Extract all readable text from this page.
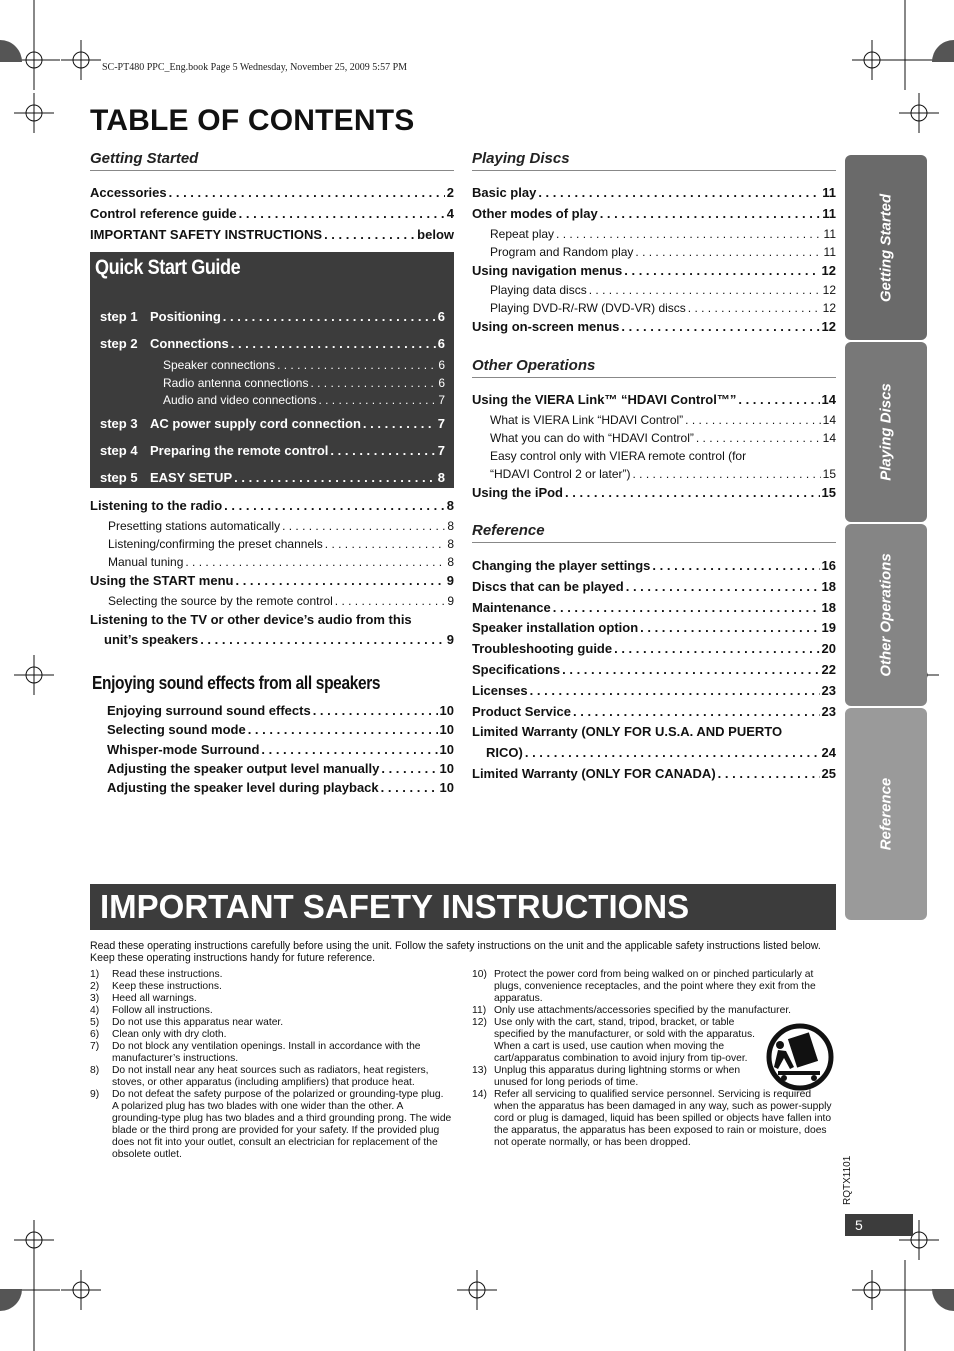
SC-PT480 PPC_Eng.book Page 5 Wednesday, November 25, 2009 5:57 PM
TABLE OF CONTENTS
Getting Started
Accessories . . .	2
Control reference guide . . .	4
IMPORTANT SAFETY INSTRUCTIONS . . .	below
Quick Start Guide
step 1 Positioning . . .	6
step 2 Connections . . .	6
Speaker connections . . .	6
Radio antenna connections . . .	6
Audio and video connections . . .	7
step 3 AC power supply cord connection . . .	7
step 4 Preparing the remote control . . .	7
step 5 EASY SETUP . . .	8
Listening to the radio . . .	8
Presetting stations automatically . . .	8
Listening/confirming the preset channels . . .	8
Manual tuning . . .	8
Using the START menu . . .	9
Selecting the source by the remote control . . .	9
Listening to the TV or other device’s audio from this
unit’s speakers . . .	9
Enjoying sound effects from all speakers
Enjoying surround sound effects . . .	10
Selecting sound mode . . .	10
Whisper-mode Surround . . .	10
Adjusting the speaker output level manually . . .	10
Adjusting the speaker level during playback . . .	10
Playing Discs
Basic play . . .	11
Other modes of play . . .	11
Repeat play . . .	11
Program and Random play . . .	11
Using navigation menus . . .	12
Playing data discs . . .	12
Playing DVD-R/-RW (DVD-VR) discs . . .	12
Using on-screen menus . . .	12
Other Operations
Using the VIERA Link™ “HDAVI Control™” . . .	14
What is VIERA Link “HDAVI Control” . . .	14
What you can do with “HDAVI Control” . . .	14
Easy control only with VIERA remote control (for
“HDAVI Control 2 or later”) . . .	15
Using the iPod . . .	15
Reference
Changing the player settings . . .	16
Discs that can be played . . .	18
Maintenance . . .	18
Speaker installation option . . .	19
Troubleshooting guide . . .	20
Specifications . . .	22
Licenses . . .	23
Product Service . . .	23
Limited Warranty (ONLY FOR U.S.A. AND PUERTO
RICO) . . .	24
Limited Warranty (ONLY FOR CANADA) . . .	25
Getting Started
Playing Discs
Other Operations
Reference
IMPORTANT SAFETY INSTRUCTIONS
Read these operating instructions carefully before using the unit. Follow the safety instructions on the unit and the applicable safety instructions listed below. Keep these operating instructions handy for future reference.
1)	Read these instructions.
2)	Keep these instructions.
3)	Heed all warnings.
4)	Follow all instructions.
5)	Do not use this apparatus near water.
6)	Clean only with dry cloth.
7)	Do not block any ventilation openings. Install in accordance with the manufacturer’s instructions.
8)	Do not install near any heat sources such as radiators, heat registers, stoves, or other apparatus (including amplifiers) that produce heat.
9)	Do not defeat the safety purpose of the polarized or grounding-type plug. A polarized plug has two blades with one wider than the other. A grounding-type plug has two blades and a third grounding prong. The wide blade or the third prong are provided for your safety. If the provided plug does not fit into your outlet, consult an electrician for replacement of the obsolete outlet.
10) Protect the power cord from being walked on or pinched particularly at plugs, convenience receptacles, and the point where they exit from the apparatus.
11) Only use attachments/accessories specified by the manufacturer.
12) Use only with the cart, stand, tripod, bracket, or table specified by the manufacturer, or sold with the apparatus. When a cart is used, use caution when moving the cart/apparatus combination to avoid injury from tip-over.
13) Unplug this apparatus during lightning storms or when unused for long periods of time.
14) Refer all servicing to qualified service personnel. Servicing is required when the apparatus has been damaged in any way, such as power-supply cord or plug is damaged, liquid has been spilled or objects have fallen into the apparatus, the apparatus has been exposed to rain or moisture, does not operate normally, or has been dropped.
RQTX1101
5
